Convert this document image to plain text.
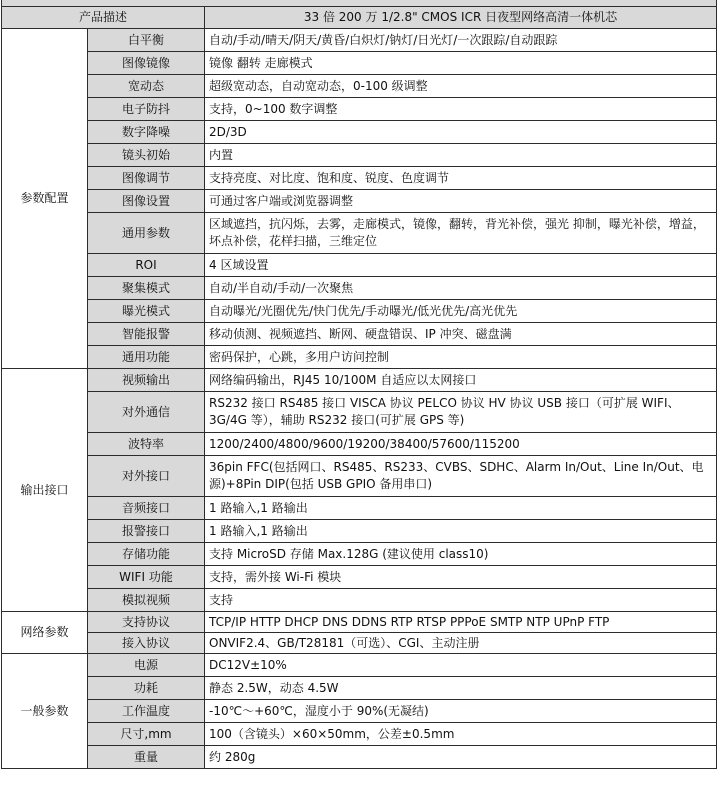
产品描述		33 倍 200 万 1/2.8" CMOS ICR 日夜型网络高清一体机芯
参数配置	白平衡	自动/手动/晴天/阴天/黄昏/白炽灯/钠灯/日光灯/一次跟踪/自动跟踪
	图像镜像	镜像 翻转 走廊模式
	宽动态	超级宽动态，自动宽动态，0-100 级调整
	电子防抖	支持，0~100 数字调整
	数字降噪	2D/3D
	镜头初始	内置
	图像调节	支持亮度、对比度、饱和度、锐度、色度调节
	图像设置	可通过客户端或浏览器调整
	通用参数	区域遮挡，抗闪烁，去雾，走廊模式，镜像，翻转，背光补偿，强光 抑制，曝光补偿，增益，坏点补偿，花样扫描，三维定位
	ROI	4 区域设置
	聚集模式	自动/半自动/手动/一次聚焦
	曝光模式	自动曝光/光圈优先/快门优先/手动曝光/低光优先/高光优先
	智能报警	移动侦测、视频遮挡、断网、硬盘错误、IP 冲突、磁盘满
	通用功能	密码保护，心跳，多用户访问控制
输出接口	视频输出	网络编码输出，RJ45 10/100M 自适应以太网接口
	对外通信	RS232 接口 RS485 接口 VISCA 协议 PELCO 协议 HV 协议 USB 接口（可扩展 WIFI、3G/4G 等），辅助 RS232 接口(可扩展 GPS 等)
	波特率	1200/2400/4800/9600/19200/38400/57600/115200
	对外接口	36pin FFC(包括网口、RS485、RS233、CVBS、SDHC、Alarm In/Out、Line In/Out、电源)+8Pin DIP(包括 USB GPIO 备用串口)
	音频接口	1 路输入,1 路输出
	报警接口	1 路输入,1 路输出
	存储功能	支持 MicroSD 存储 Max.128G (建议使用 class10)
	WIFI 功能	支持，需外接 Wi-Fi 模块
	模拟视频	支持
网络参数	支持协议	TCP/IP HTTP DHCP DNS DDNS RTP RTSP PPPoE SMTP NTP UPnP FTP
	接入协议	ONVIF2.4、GB/T28181（可选）、CGI、主动注册
一般参数	电源	DC12V±10%
	功耗	静态 2.5W，动态 4.5W
	工作温度	-10℃～+60℃，湿度小于 90%(无凝结)
	尺寸,mm	100（含镜头）×60×50mm，公差±0.5mm
	重量	约 280g
